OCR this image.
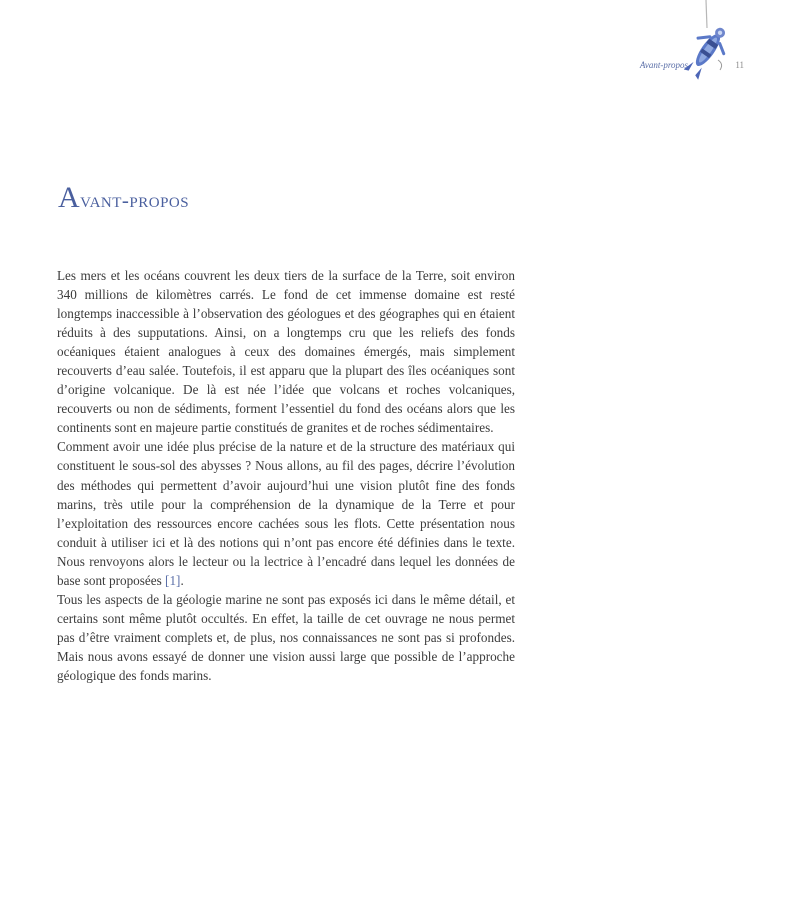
Avant-propos	11
Avant-propos

Les mers et les océans couvrent les deux tiers de la surface de la Terre, soit environ 340 millions de kilomètres carrés. Le fond de cet immense domaine est resté longtemps inaccessible à l’observation des géologues et des géographes qui en étaient réduits à des supputations. Ainsi, on a longtemps cru que les reliefs des fonds océaniques étaient analogues à ceux des domaines émergés, mais simplement recouverts d’eau salée. Toutefois, il est apparu que la plupart des îles océaniques sont d’origine volcanique. De là est née l’idée que volcans et roches volcaniques, recouverts ou non de sédiments, forment l’essentiel du fond des océans alors que les continents sont en majeure partie constitués de granites et de roches sédimentaires.

Comment avoir une idée plus précise de la nature et de la structure des matériaux qui constituent le sous-sol des abysses ? Nous allons, au fil des pages, décrire l’évolution des méthodes qui permettent d’avoir aujourd’hui une vision plutôt fine des fonds marins, très utile pour la compréhension de la dynamique de la Terre et pour l’exploitation des ressources encore cachées sous les flots. Cette présentation nous conduit à utiliser ici et là des notions qui n’ont pas encore été définies dans le texte. Nous renvoyons alors le lecteur ou la lectrice à l’encadré dans lequel les données de base sont proposées [1].

Tous les aspects de la géologie marine ne sont pas exposés ici dans le même détail, et certains sont même plutôt occultés. En effet, la taille de cet ouvrage ne nous permet pas d’être vraiment complets et, de plus, nos connaissances ne sont pas si profondes. Mais nous avons essayé de donner une vision aussi large que possible de l’approche géologique des fonds marins.
